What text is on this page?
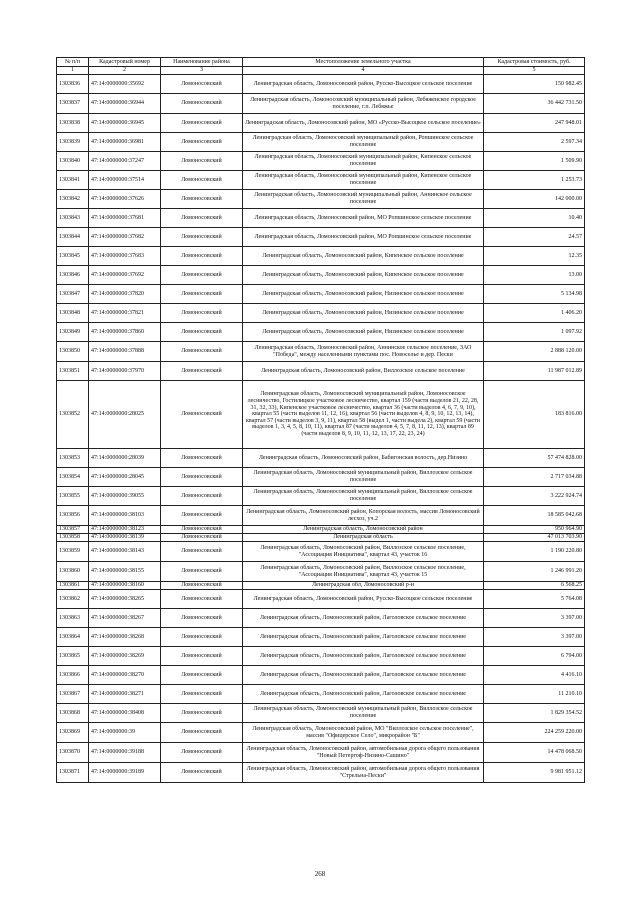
№ п/п	Кадастровый номер	Наименование района	Местоположение земельного участка	Кадастровая стоимость, руб.
1	2	3	4	5
1303836	47:14:0000000:35692	Ломоносовский	Ленинградская область, Ломоносовский район, Русско-Высоцкое сельское поселение	150 982.45
1303837	47:14:0000000:36944	Ломоносовский	Ленинградская область, Ломоносовский муниципальный район, Лебяженское городское поселение, г.п. Лебяжье	36 442 731.50
1303838	47:14:0000000:36945	Ломоносовский	Ленинградская область, Ломоносовский район, МО «Русско-Высоцкое сельское поселение»	247 948.01
1303839	47:14:0000000:36981	Ломоносовский	Ленинградская область, Ломоносовский муниципальный район, Ропшинское сельское поселение	2 597.34
1303840	47:14:0000000:37247	Ломоносовский	Ленинградская область, Ломоносовский муниципальный район, Кипенское сельское поселение	1 509.90
1303841	47:14:0000000:37514	Ломоносовский	Ленинградская область, Ломоносовский муниципальный район, Кипенское сельское поселение	1 253.73
1303842	47:14:0000000:37626	Ломоносовский	Ленинградская область, Ломоносовский муниципальный район, Аннинское сельское поселение	142 000.00
1303843	47:14:0000000:37681	Ломоносовский	Ленинградская область, Ломоносовский район, МО Ропшинское сельское поселение	10.40
1303844	47:14:0000000:37682	Ломоносовский	Ленинградская область, Ломоносовский район, МО Ропшинское сельское поселение	24.57
1303845	47:14:0000000:37683	Ломоносовский	Ленинградская область, Ломоносовский район, Кипенское сельское поселение	12.35
1303846	47:14:0000000:37692	Ломоносовский	Ленинградская область, Ломоносовский район, Кипенское сельское поселение	13.00
1303847	47:14:0000000:37820	Ломоносовский	Ленинградская область, Ломоносовский район, Низинское сельское поселение	5 134.98
1303848	47:14:0000000:37821	Ломоносовский	Ленинградская область, Ломоносовский район, Низинское сельское поселение	1 406.20
1303849	47:14:0000000:37860	Ломоносовский	Ленинградская область, Ломоносовский район, Низинское сельское поселение	1 097.92
1303850	47:14:0000000:37888	Ломоносовский	Ленинградская область, Ломоносовский район, Аннинское сельское поселение, ЗАО "Победа", между населенными пунктами пос. Новоселье и дер. Пески	2 888 120.00
1303851	47:14:0000000:37970	Ломоносовский	Ленинградская область, Ломоносовский район, Виллозское сельское поселение	11 987 012.89
1303852	47:14:0000000:28025	Ломоносовский	Ленинградская область, Ломоносовский муниципальный район, Ломоносовское лесничество, Гостилицкое участковое лесничество, квартал 159 (части выделов 21, 22, 28, 31, 32, 33), Кипенское участковое лесничество, квартал 36 (части выделов 4, 6, 7, 9, 10), квартал 55 (части выделов 11, 12, 16), квартал 56 (части выделов 4, 8, 9, 10, 12, 13, 14), квартал 57 (части выделов 3, 9, 11), квартал 58 (выдел 1, части выдела 2), квартал 59 (части выделов 1, 3, 4, 5, 8, 10, 11), квартал 87 (части выделов 4, 5, 7, 8, 11, 12, 13), квартал 89 (части выделов 8, 9, 10, 11, 12, 13, 17, 22, 23, 24)	183 816.00
1303853	47:14:0000000:28039	Ломоносовский	Ленинградская область, Ломоносовский район, Бабигонская волость, дер.Низино	57 474 828.00
1303854	47:14:0000000:28045	Ломоносовский	Ленинградская область, Ломоносовский муниципальный район, Виллозское сельское поселение	2 717 034.88
1303855	47:14:0000000:39055	Ломоносовский	Ленинградская область, Ломоносовский муниципальный район, Виллозское сельское поселение	3 222 924.74
1303856	47:14:0000000:38103	Ломоносовский	Ленинградская область, Ломоносовский район, Копорская волость, массив Ломоносовский лесхоз, уч.2	18 585 042.68
1303857	47:14:0000000:38123	Ломоносовский	Ленинградская область, Ломоносовский район	950 964.90
1303858	47:14:0000000:38139	Ломоносовский	Ленинградская область	47 013 703.90
1303859	47:14:0000000:38143	Ломоносовский	Ленинградская область, Ломоносовский район, Виллозское сельское поселение, "Ассоциация Инициатива", квартал 43, участок 16	1 190 220.80
1303860	47:14:0000000:38155	Ломоносовский	Ленинградская область, Ломоносовский район, Виллозское сельское поселение, "Ассоциация Инициатива", квартал 43, участок 15	1 246 991.20
1303861	47:14:0000000:38160	Ломоносовский	Ленинградская обл, Ломоносовский р-н	6 568.25
1303862	47:14:0000000:38265	Ломоносовский	Ленинградская область, Ломоносовский район, Русско-Высоцкое сельское поселение	5 764.08
1303863	47:14:0000000:38267	Ломоносовский	Ленинградская область, Ломоносовский район, Лаголовское сельское поселение	3 397.00
1303864	47:14:0000000:38268	Ломоносовский	Ленинградская область, Ломоносовский район, Лаголовское сельское поселение	3 397.00
1303865	47:14:0000000:38269	Ломоносовский	Ленинградская область, Ломоносовский район, Лаголовское сельское поселение	6 794.00
1303866	47:14:0000000:38270	Ломоносовский	Ленинградская область, Ломоносовский район, Лаголовское сельское поселение	4 416.10
1303867	47:14:0000000:38271	Ломоносовский	Ленинградская область, Ломоносовский район, Лаголовское сельское поселение	11 210.10
1303868	47:14:0000000:38408	Ломоносовский	Ленинградская область, Ломоносовский муниципальный район, Виллозское сельское поселение	1 829 354.52
1303869	47:14:0000000:39	Ломоносовский	Ленинградская область, Ломоносовский район, МО "Виллозское сельское поселение", массив "Офицерское Село", микрорайон "Б"	224 259 220.00
1303870	47:14:0000000:39188	Ломоносовский	Ленинградская область, Ломоносовский район, автомобильная дорога общего пользования "Новый Петергоф-Низино-Сашино"	14 478 068.50
1303871	47:14:0000000:39189	Ломоносовский	Ленинградская область, Ломоносовский район, автомобильная дорога общего пользования "Стрельна-Пески"	9 981 951.12
268
